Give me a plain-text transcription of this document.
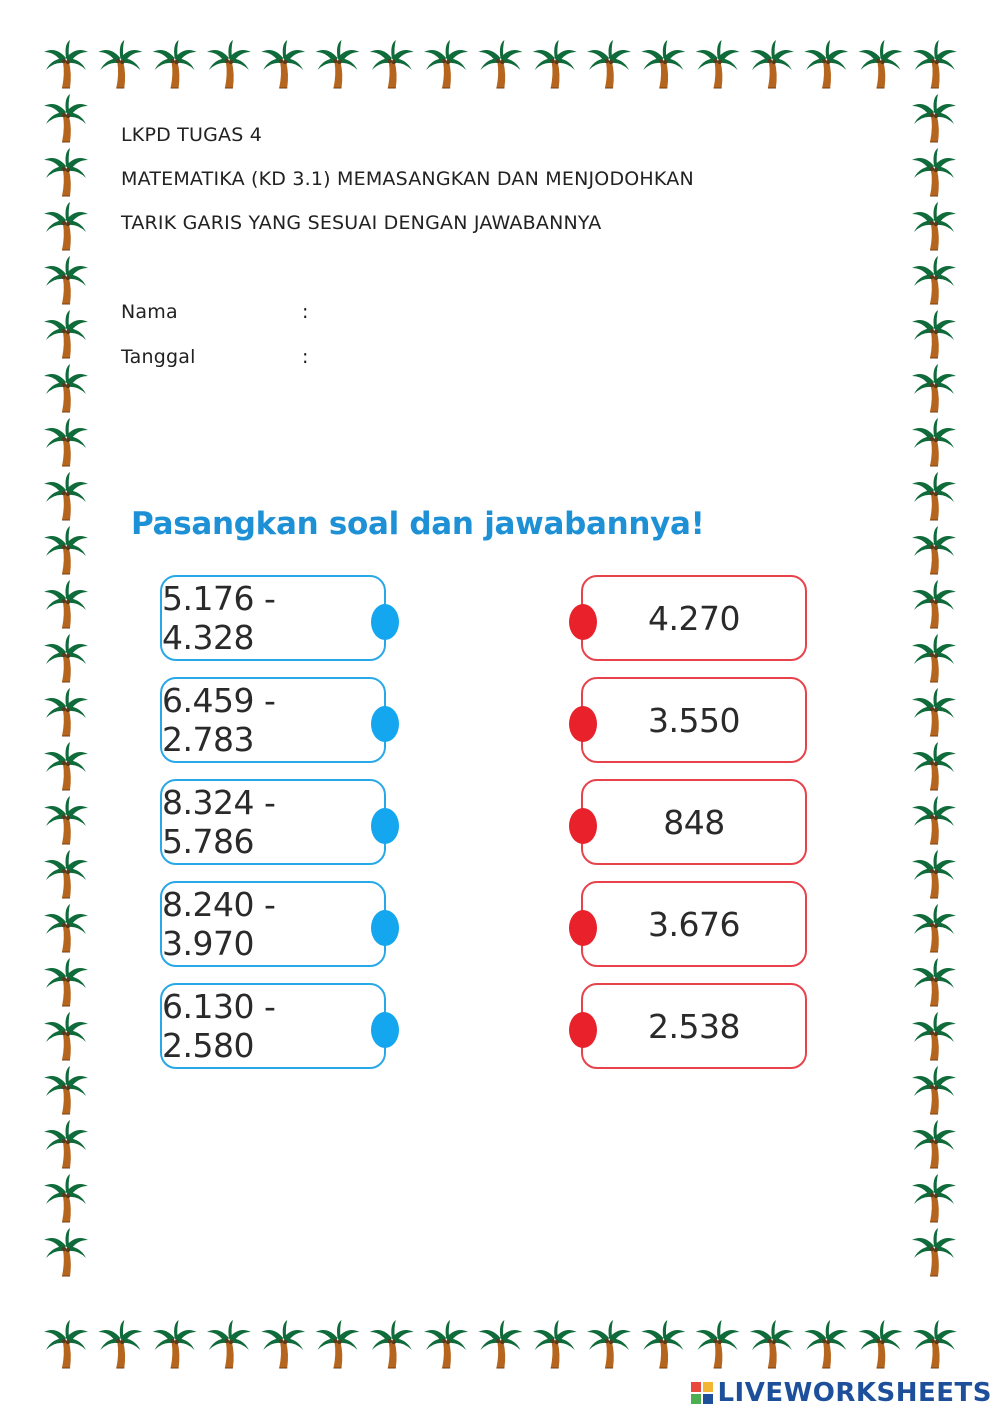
LKPD TUGAS 4
MATEMATIKA (KD 3.1) MEMASANGKAN DAN MENJODOHKAN
TARIK GARIS YANG SESUAI DENGAN JAWABANNYA
Nama	:
Tanggal	:
Pasangkan soal dan jawabannya!
5.176 - 4.328
6.459 - 2.783
8.324 - 5.786
8.240 - 3.970
6.130 - 2.580
4.270
3.550
848
3.676
2.538
LIVEWORKSHEETS
